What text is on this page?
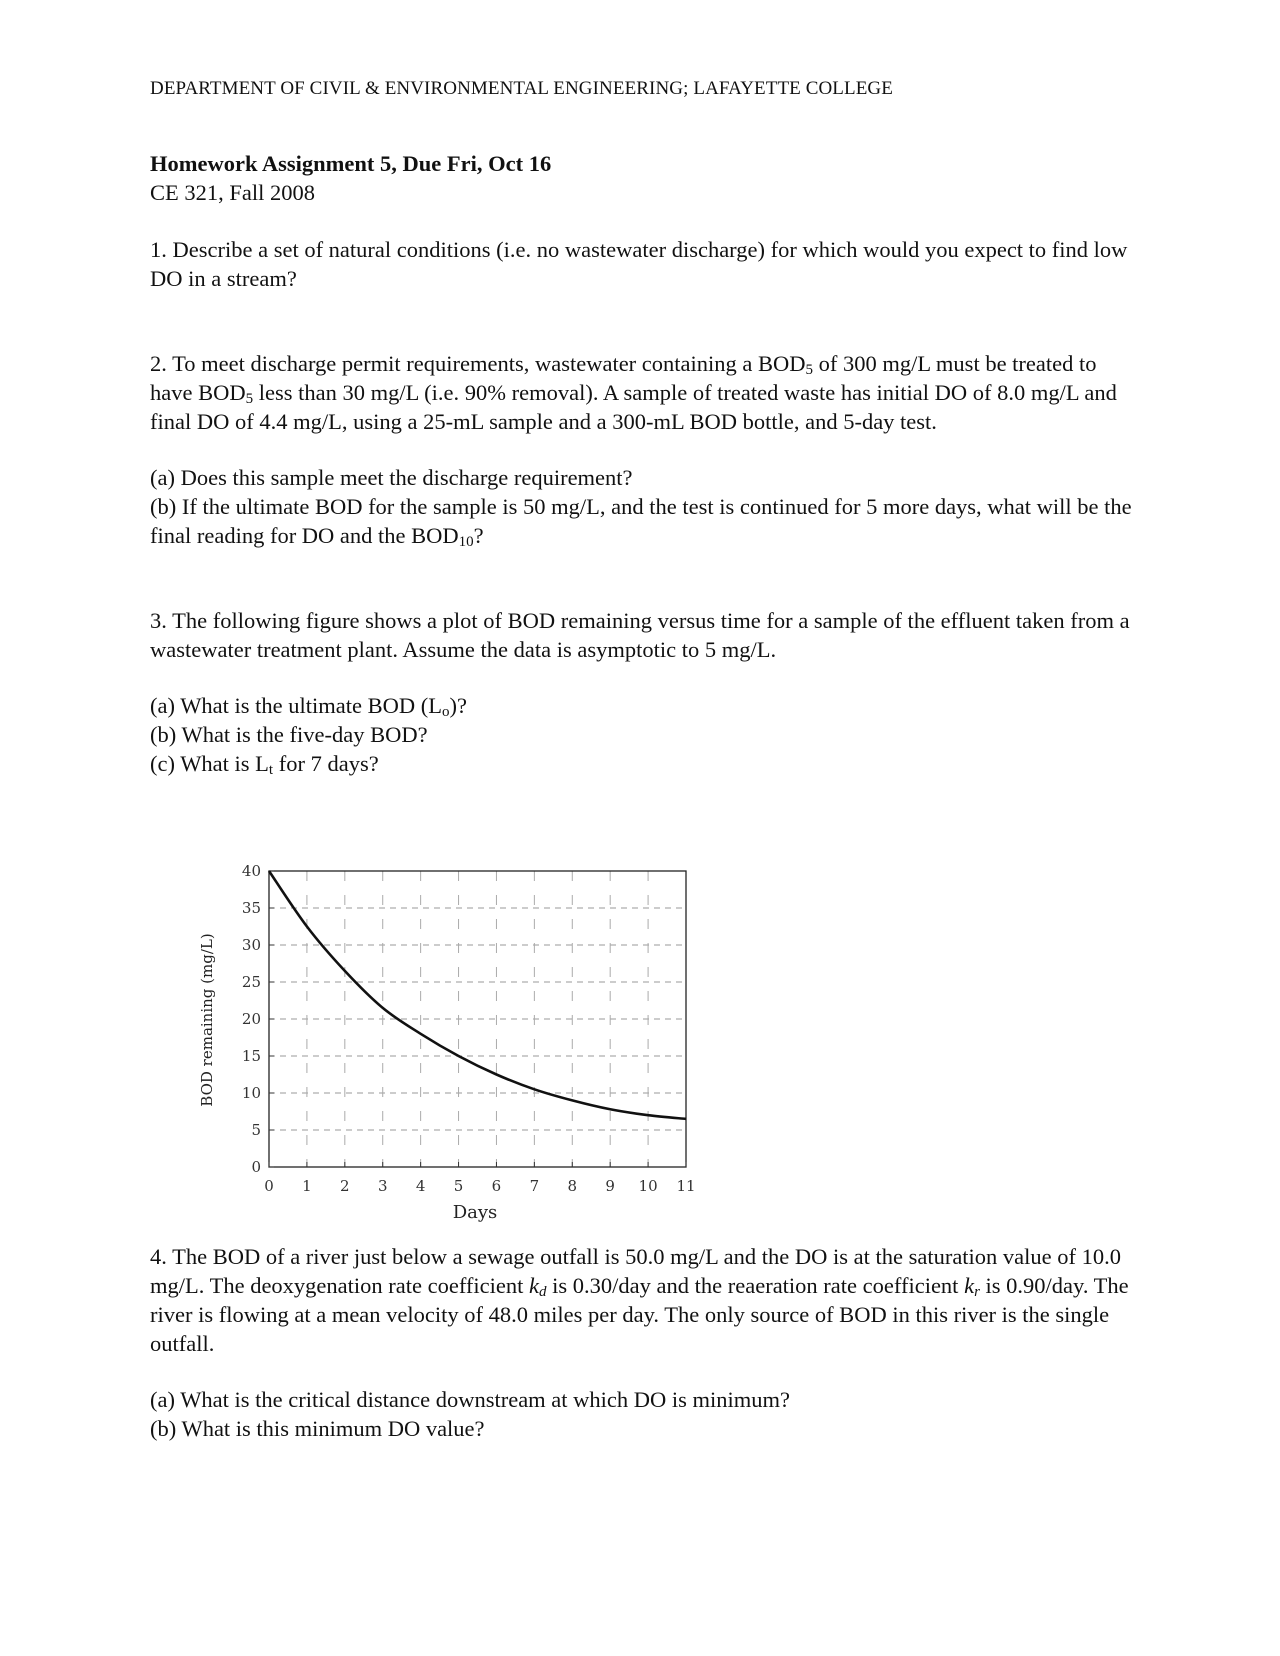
DEPARTMENT OF CIVIL & ENVIRONMENTAL ENGINEERING; LAFAYETTE COLLEGE

Homework Assignment 5, Due Fri, Oct 16

CE 321, Fall 2008

1. Describe a set of natural conditions (i.e. no wastewater discharge) for which would you expect to find low DO in a stream?

2. To meet discharge permit requirements, wastewater containing a $BOD_5$ of 300 mg/L must be treated to have $BOD_5$ less than 30 mg/L (i.e. 90% removal). A sample of treated waste has initial DO of 8.0 mg/L and final DO of 4.4 mg/L, using a 25-mL sample and a 300-mL BOD bottle, and 5-day test.

(a) Does this sample meet the discharge requirement?

(b) If the ultimate BOD for the sample is 50 mg/L, and the test is continued for 5 more days, what will be the final reading for DO and the $BOD_{10}$?

3. The following figure shows a plot of BOD remaining versus time for a sample of the effluent taken from a wastewater treatment plant. Assume the data is asymptotic to 5 mg/L.

(a) What is the ultimate BOD $(L_o)$?

(b) What is the five-day BOD?

(c) What is $L_t$ for 7 days?

0
5
10
15
20
25
30
35
40
0 1 2 3 4 5 6 7 8 9 10 11
Days
BOD remaining (mg/L)

4. The BOD of a river just below a sewage outfall is 50.0 mg/L and the DO is at the saturation value of 10.0 mg/L. The deoxygenation rate coefficient $k_d$ is 0.30/day and the reaeration rate coefficient $k_r$ is 0.90/day. The river is flowing at a mean velocity of 48.0 miles per day. The only source of BOD in this river is the single outfall.

(a) What is the critical distance downstream at which DO is minimum?

(b) What is this minimum DO value?
